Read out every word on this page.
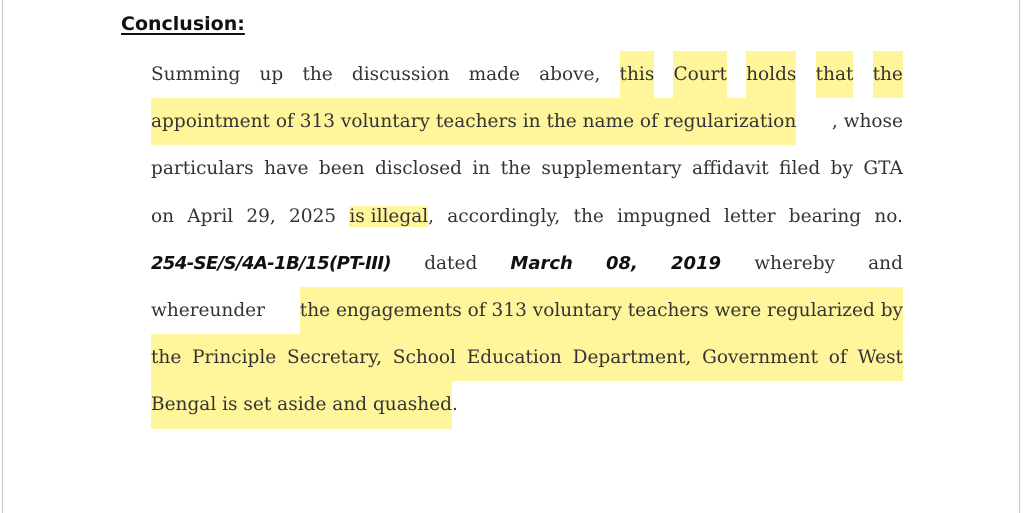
Conclusion:
Summing up the discussion made above, this Court holds that the
appointment of 313 voluntary teachers in the name of regularization , whose
particulars have been disclosed in the supplementary affidavit filed by GTA
on April 29, 2025 is illegal, accordingly, the impugned letter bearing no.
254-SE/S/4A-1B/15(PT-III) dated March 08, 2019 whereby and
whereunder the engagements of 313 voluntary teachers were regularized by
the Principle Secretary, School Education Department, Government of West
Bengal is set aside and quashed .
